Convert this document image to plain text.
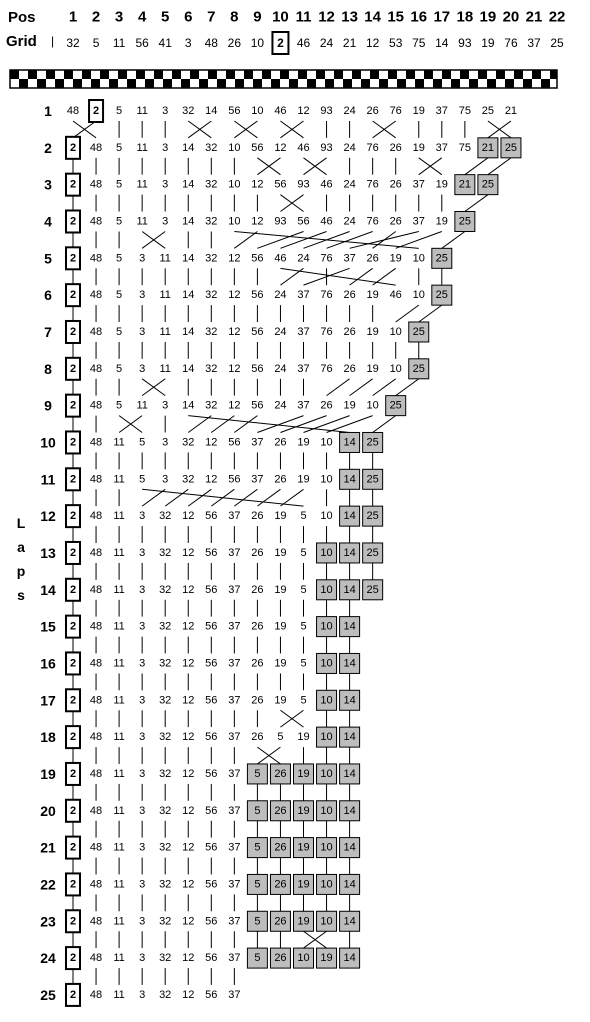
Pos
Grid |
1 2 3 4 5 6 7 8 9 10 11 12 13 14 15 16 17 18 19 20 21 22
32 5 11 56 41 3 48 26 10 2 46 24 21 12 53 75 14 93 19 76 37 25
L
a
p
s
48 2 5 11 3 32 14 56 10 46 12 93 24 26 76 19 37 75 25 21
2 48 5 11 3 14 32 10 56 12 46 93 24 76 26 19 37 75 21 25
2 48 5 11 3 14 32 10 12 56 93 46 24 76 26 37 19 21 25
2 48 5 11 3 14 32 10 12 93 56 46 24 76 26 37 19 25
2 48 5 3 11 14 32 12 56 46 24 76 37 26 19 10 25
2 48 5 3 11 14 32 12 56 24 37 76 26 19 46 10 25
2 48 5 3 11 14 32 12 56 24 37 76 26 19 10 25
2 48 5 3 11 14 32 12 56 24 37 76 26 19 10 25
2 48 5 11 3 14 32 12 56 24 37 26 19 10 25
2 48 11 5 3 32 12 56 37 26 19 10 14 25
2 48 11 5 3 32 12 56 37 26 19 10 14 25
2 48 11 3 32 12 56 37 26 19 5 10 14 25
2 48 11 3 32 12 56 37 26 19 5 10 14 25
2 48 11 3 32 12 56 37 26 19 5 10 14 25
2 48 11 3 32 12 56 37 26 19 5 10 14
2 48 11 3 32 12 56 37 26 19 5 10 14
2 48 11 3 32 12 56 37 26 19 5 10 14
2 48 11 3 32 12 56 37 26 5 19 10 14
2 48 11 3 32 12 56 37 5 26 19 10 14
2 48 11 3 32 12 56 37 5 26 19 10 14
2 48 11 3 32 12 56 37 5 26 19 10 14
2 48 11 3 32 12 56 37 5 26 19 10 14
2 48 11 3 32 12 56 37 5 26 19 10 14
2 48 11 3 32 12 56 37 5 26 10 19 14
2 48 11 3 32 12 56 37
1
2
3
4
5
6
7
8
9
10
11
12
13
14
15
16
17
18
19
20
21
22
23
24
25
